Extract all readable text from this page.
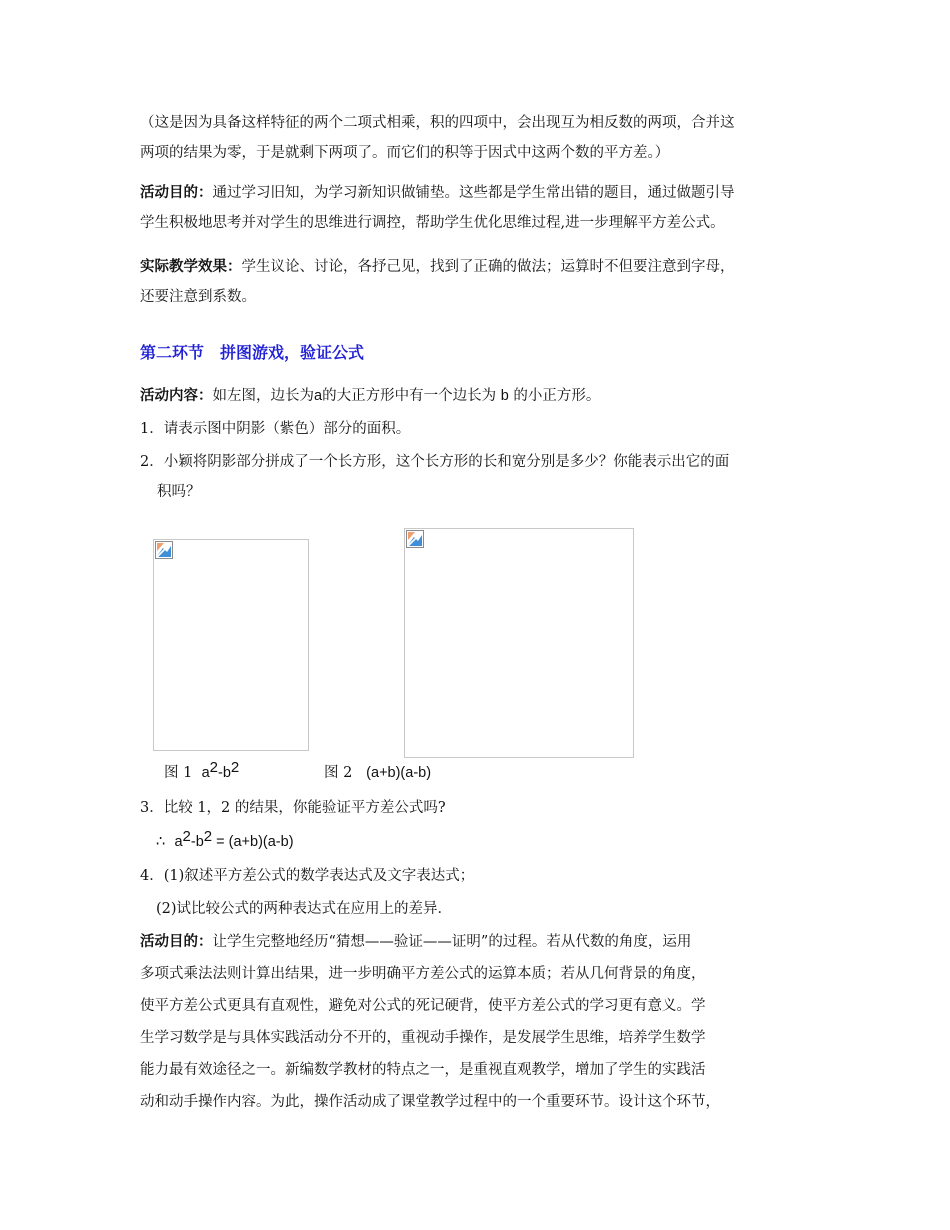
（这是因为具备这样特征的两个二项式相乘，积的四项中，会出现互为相反数的两项，合并这
两项的结果为零，于是就剩下两项了。而它们的积等于因式中这两个数的平方差。）
活动目的：通过学习旧知，为学习新知识做铺垫。这些都是学生常出错的题目，通过做题引导
学生积极地思考并对学生的思维进行调控，帮助学生优化思维过程,进一步理解平方差公式。
实际教学效果：学生议论、讨论，各抒己见，找到了正确的做法；运算时不但要注意到字母，
还要注意到系数。
第二环节　拼图游戏，验证公式
活动内容：如左图，边长为a的大正方形中有一个边长为 b 的小正方形。
1．请表示图中阴影（紫色）部分的面积。
2．小颖将阴影部分拼成了一个长方形，这个长方形的长和宽分别是多少？你能表示出它的面
积吗？
图 1 $a^2-b^2$	图 2 (a+b)(a-b)
3．比较 1，2 的结果，你能验证平方差公式吗?
∴ $a^2-b^2 = (a+b)(a-b)$
4．(1)叙述平方差公式的数学表达式及文字表达式；
(2)试比较公式的两种表达式在应用上的差异．
活动目的：让学生完整地经历“猜想——验证——证明”的过程。若从代数的角度，运用
多项式乘法法则计算出结果，进一步明确平方差公式的运算本质；若从几何背景的角度，
使平方差公式更具有直观性，避免对公式的死记硬背，使平方差公式的学习更有意义。学
生学习数学是与具体实践活动分不开的，重视动手操作，是发展学生思维，培养学生数学
能力最有效途径之一。新编数学教材的特点之一，是重视直观教学，增加了学生的实践活
动和动手操作内容。为此，操作活动成了课堂教学过程中的一个重要环节。设计这个环节，
